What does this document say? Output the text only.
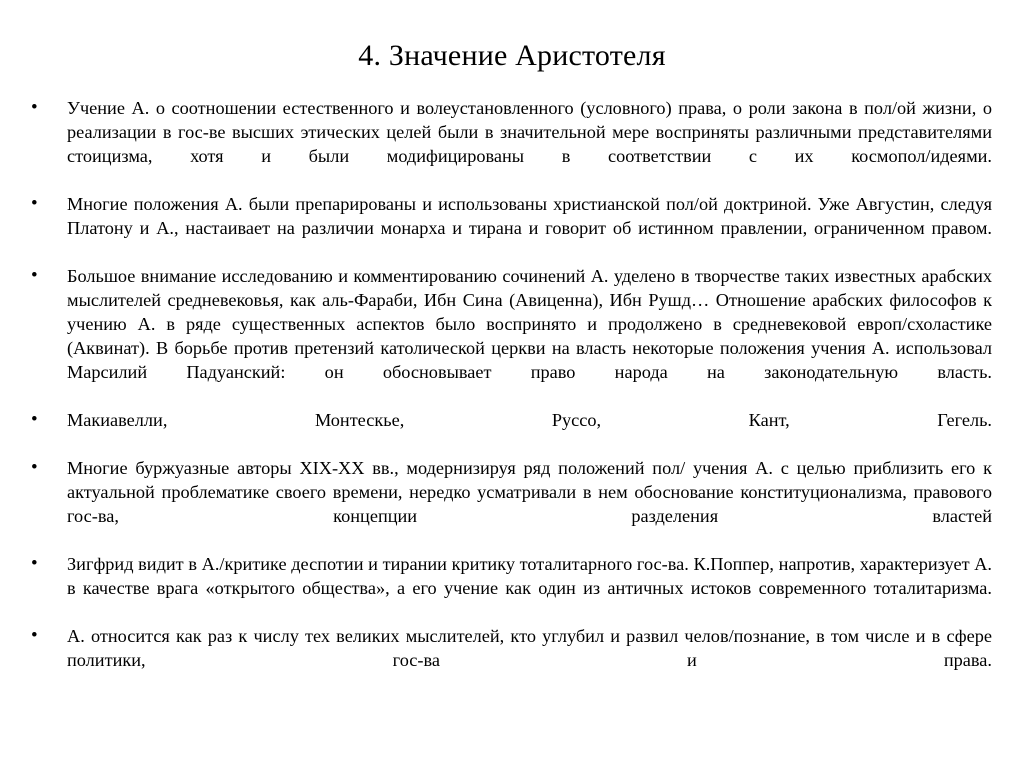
4. Значение Аристотеля
•	Учение А. о соотношении естественного и волеустановленного (условного) права, о роли закона в пол/ой жизни, о реализации в гос-ве высших этических целей были в значительной мере восприняты различными представителями стоицизма, хотя и были модифицированы в соответствии с их космопол/идеями.
•	Многие положения А. были препарированы и использованы христианской пол/ой доктриной. Уже Августин, следуя Платону и А., настаивает на различии монарха и тирана и говорит об истинном правлении, ограниченном правом.
•	Большое внимание исследованию и комментированию сочинений А. уделено в творчестве таких известных арабских мыслителей средневековья, как аль-Фараби, Ибн Сина (Авиценна), Ибн Рушд… Отношение арабских философов к учению А. в ряде существенных аспектов было воспринято и продолжено в средневековой европ/схоластике (Аквинат). В борьбе против претензий католической церкви на власть некоторые положения учения А. использовал Марсилий Падуанский: он обосновывает право народа на законодательную власть.
•	Макиавелли, Монтескье, Руссо, Кант, Гегель.
•	Многие буржуазные авторы XIX-XX вв., модернизируя ряд положений пол/ учения А. с целью приблизить его к актуальной проблематике своего времени, нередко усматривали в нем обоснование конституционализма, правового гос-ва, концепции разделения властей
•	Зигфрид видит в А./критике деспотии и тирании критику тоталитарного гос-ва. К.Поппер, напротив, характеризует А. в качестве врага «открытого общества», а его учение как один из античных истоков современного тоталитаризма.
•	А. относится как раз к числу тех великих мыслителей, кто углубил и развил челов/познание, в том числе и в сфере политики, гос-ва и права.
